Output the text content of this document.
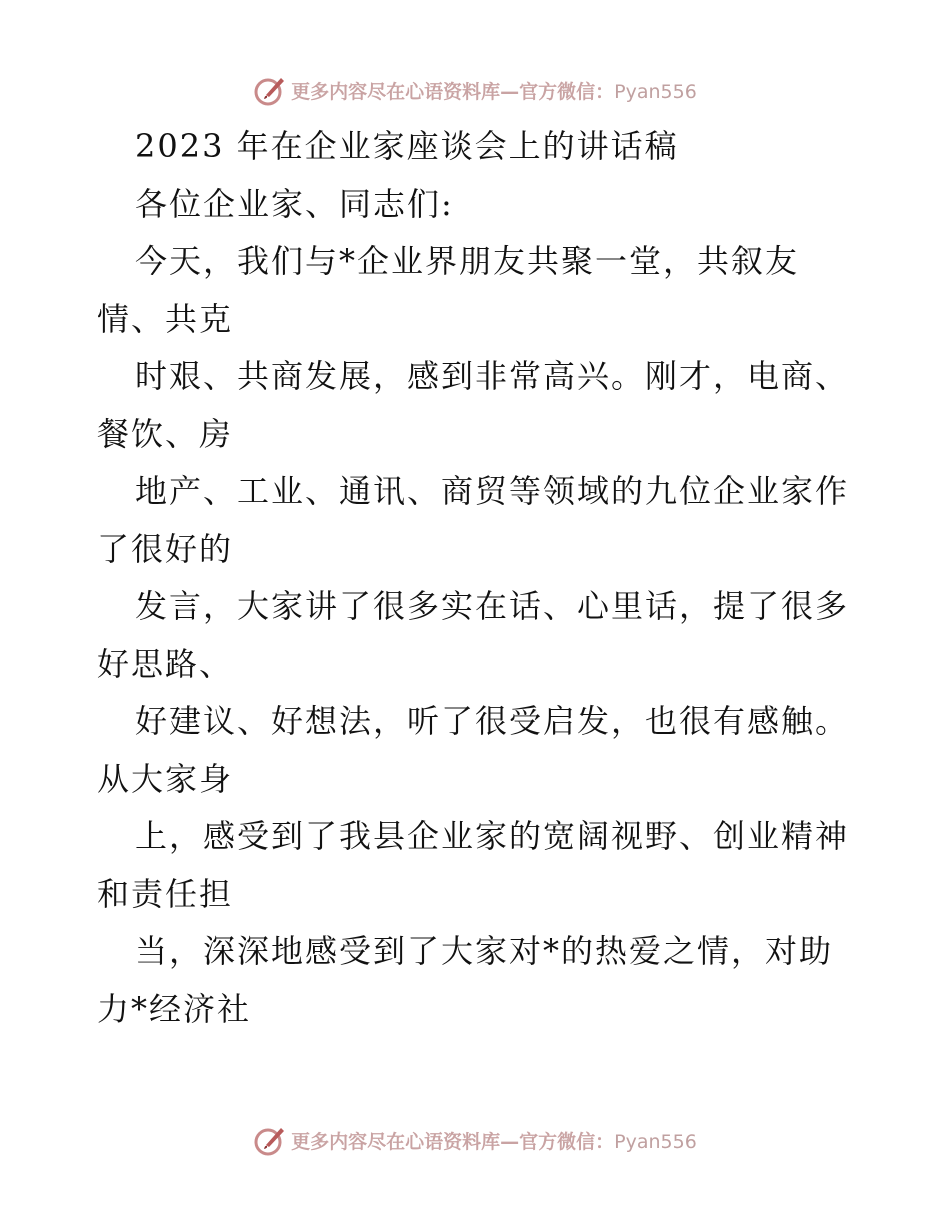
更多内容尽在心语资料库—官方微信：Pyan556
2023 年在企业家座谈会上的讲话稿
各位企业家、同志们:
今天，我们与*企业界朋友共聚一堂，共叙友
情、共克
时艰、共商发展，感到非常高兴。刚才，电商、
餐饮、房
地产、工业、通讯、商贸等领域的九位企业家作
了很好的
发言，大家讲了很多实在话、心里话，提了很多
好思路、
好建议、好想法，听了很受启发，也很有感触。
从大家身
上，感受到了我县企业家的宽阔视野、创业精神
和责任担
当，深深地感受到了大家对*的热爱之情，对助
力*经济社
更多内容尽在心语资料库—官方微信：Pyan556
